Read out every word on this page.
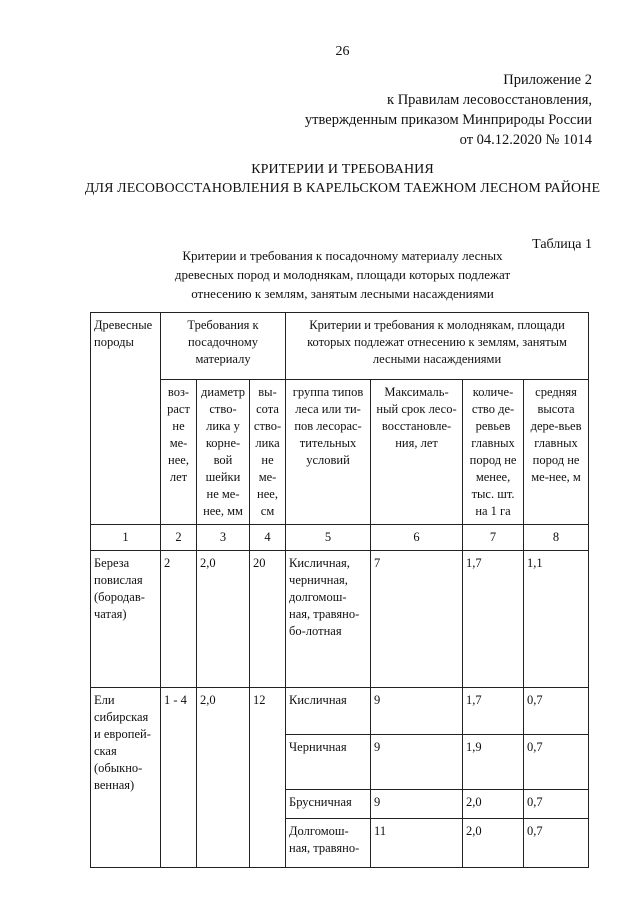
26
Приложение 2
к Правилам лесовосстановления,
утвержденным приказом Минприроды России
от 04.12.2020 № 1014
КРИТЕРИИ И ТРЕБОВАНИЯ
ДЛЯ ЛЕСОВОССТАНОВЛЕНИЯ В КАРЕЛЬСКОМ ТАЕЖНОМ ЛЕСНОМ РАЙОНЕ
Таблица 1
Критерии и требования к посадочному материалу лесных
древесных пород и молоднякам, площади которых подлежат
отнесению к землям, занятым лесными насаждениями
Древесные породы	Требования к посадочному материалу			Критерии и требования к молоднякам, площади которых подлежат отнесению к землям, занятым лесными насаждениями			
	воз-раст не ме-нее, лет	диаметр ство-лика у корне-вой шейки не ме-нее, мм	вы-сота ство-лика не ме-нее, см	группа типов леса или ти-пов лесорас-тительных условий	Максималь-ный срок лесо-восстановле-ния, лет	количе-ство де-ревьев главных пород не менее, тыс. шт. на 1 га	средняя высота дере-вьев главных пород не ме-нее, м
1	2	3	4	5	6	7	8
Береза повислая (бородав-чатая)	2	2,0	20	Кисличная, черничная, долгомош-ная, травяно-бо-лотная	7	1,7	1,1
Ели сибирская и европей-ская (обыкно-венная)	1 - 4	2,0	12	Кисличная	9	1,7	0,7
				Черничная	9	1,9	0,7
				Брусничная	9	2,0	0,7
				Долгомош-ная, травяно-	11	2,0	0,7
